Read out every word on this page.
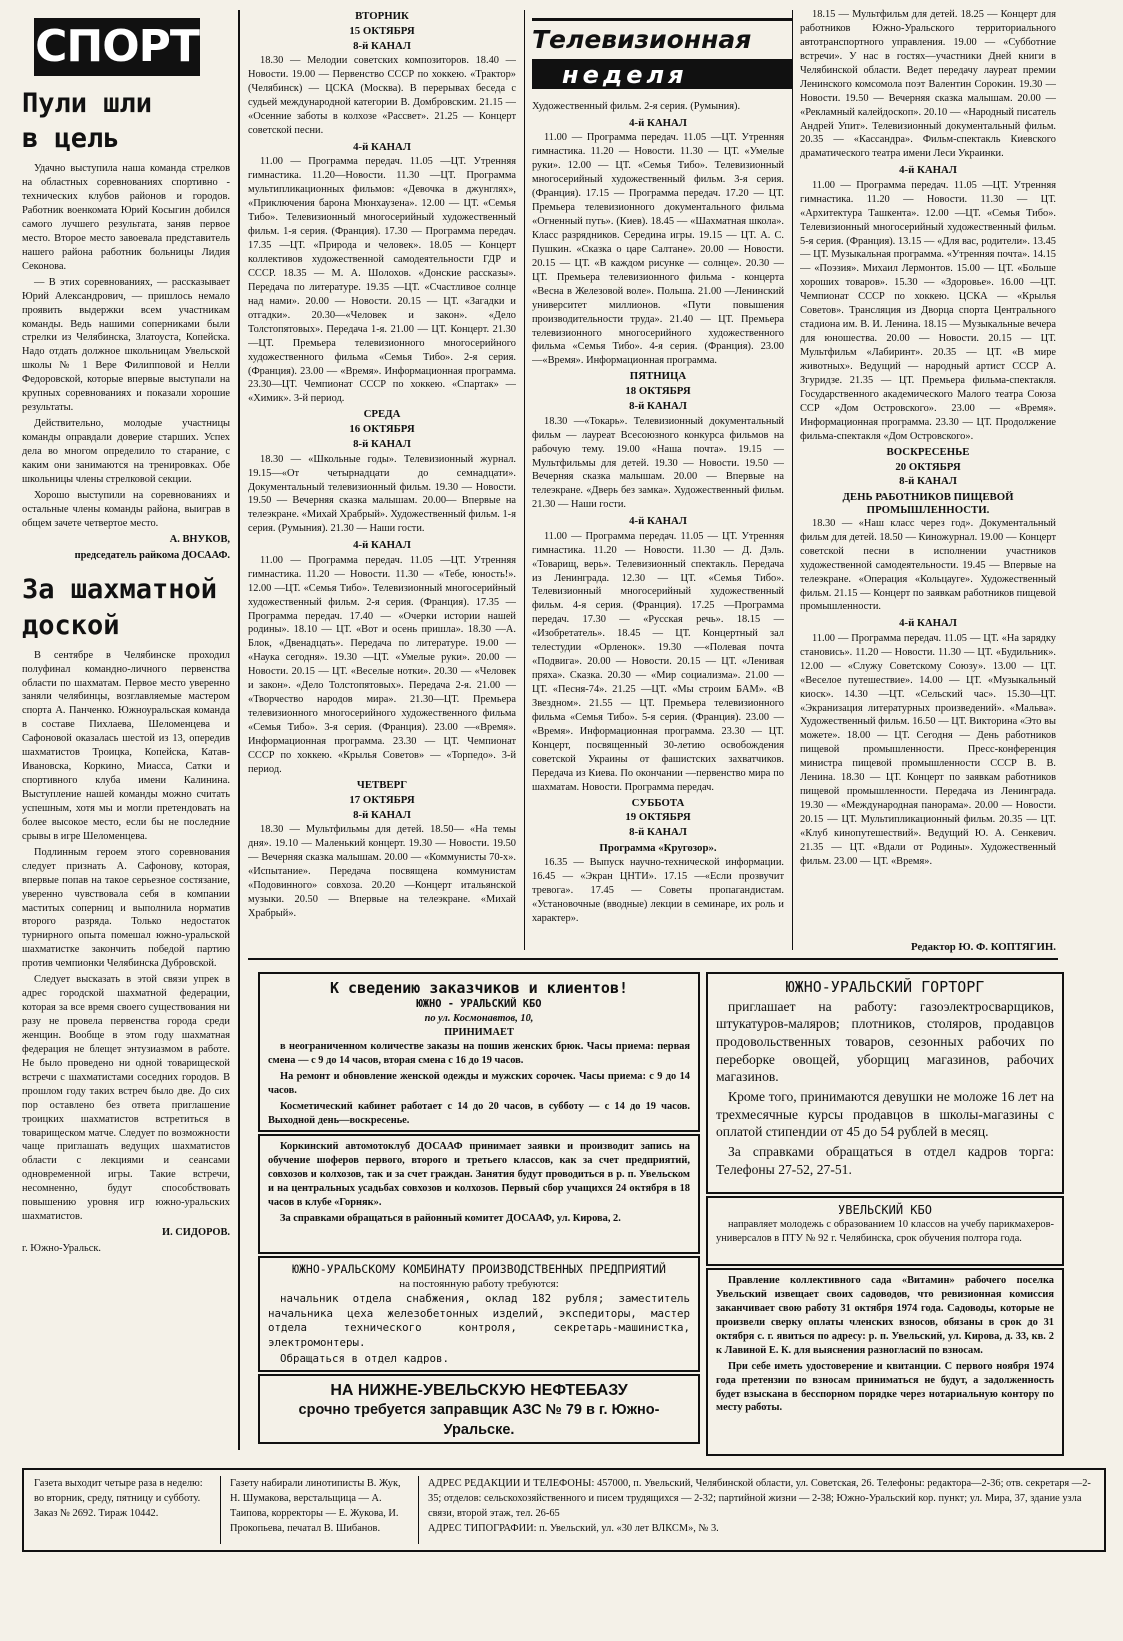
СПОРТ
Пули шли
в цель

Удачно выступила наша команда стрелков на областных соревнованиях спортивно - технических клубов районов и городов. Работник военкомата Юрий Косыгин добился самого лучшего результата, заняв первое место. Второе место завоевала представитель нашего района работник больницы Лидия Секонова.

— В этих соревнованиях, — рассказывает Юрий Александрович, — пришлось немало проявить выдержки всем участникам команды. Ведь нашими соперниками были стрелки из Челябинска, Златоуста, Копейска. Надо отдать должное школьницам Увельской школы № 1 Вере Филипповой и Нелли Федоровской, которые впервые выступали на крупных соревнованиях и показали хорошие результаты.

Действительно, молодые участницы команды оправдали доверие старших. Успех дела во многом определило то старание, с каким они занимаются на тренировках. Обе школьницы члены стрелковой секции.

Хорошо выступили на соревнованиях и остальные члены команды района, выиграв в общем зачете четвертое место.

А. ВНУКОВ,

председатель райкома ДОСААФ.

За шахматной
доской

В сентябре в Челябинске проходил полуфинал командно-личного первенства области по шахматам. Первое место уверенно заняли челябинцы, возглавляемые мастером спорта А. Панченко. Южноуральская команда в составе Пихлаева, Шеломенцева и Сафоновой оказалась шестой из 13, опередив шахматистов Троицка, Копейска, Катав-Ивановска, Коркино, Миасса, Сатки и спортивного клуба имени Калинина. Выступление нашей команды можно считать успешным, хотя мы и могли претендовать на более высокое место, если бы не последние срывы в игре Шеломенцева.

Подлинным героем этого соревнования следует признать А. Сафонову, которая, впервые попав на такое серьезное состязание, уверенно чувствовала себя в компании маститых соперниц и выполнила норматив второго разряда. Только недостаток турнирного опыта помешал южно-уральской шахматистке закончить победой партию против чемпионки Челябинска Дубровской.

Следует высказать в этой связи упрек в адрес городской шахматной федерации, которая за все время своего существования ни разу не провела первенства города среди женщин. Вообще в этом году шахматная федерация не блещет энтузиазмом в работе. Не было проведено ни одной товарищеской встречи с шахматистами соседних городов. В прошлом году таких встреч было две. До сих пор оставлено без ответа приглашение троицких шахматистов встретиться в товарищеском матче. Следует по возможности чаще приглашать ведущих шахматистов области с лекциями и сеансами одновременной игры. Такие встречи, несомненно, будут способствовать повышению уровня игр южно-уральских шахматистов.

И. СИДОРОВ.

г. Южно-Уральск.

ВТОРНИК
15 ОКТЯБРЯ
8-й КАНАЛ

18.30 — Мелодии советских композиторов. 18.40 — Новости. 19.00 — Первенство СССР по хоккею. «Трактор» (Челябинск) — ЦСКА (Москва). В перерывах беседа с судьей международной категории В. Домбровским. 21.15 — «Осенние заботы в колхозе «Рассвет». 21.25 — Концерт советской песни.

4-й КАНАЛ

11.00 — Программа передач. 11.05 —ЦТ. Утренняя гимнастика. 11.20—Новости. 11.30 —ЦТ. Программа мультипликационных фильмов: «Девочка в джунглях», «Приключения барона Мюнхаузена». 12.00 — ЦТ. «Семья Тибо». Телевизионный многосерийный художественный фильм. 1-я серия. (Франция). 17.30 — Программа передач. 17.35 —ЦТ. «Природа и человек». 18.05 — Концерт коллективов художественной самодеятельности ГДР и СССР. 18.35 — М. А. Шолохов. «Донские рассказы». Передача по литературе. 19.35 —ЦТ. «Счастливое солнце над нами». 20.00 — Новости. 20.15 — ЦТ. «Загадки и отгадки». 20.30—«Человек и закон». «Дело Толстопятовых». Передача 1-я. 21.00 — ЦТ. Концерт. 21.30 —ЦТ. Премьера телевизионного многосерийного художественного фильма «Семья Тибо». 2-я серия. (Франция). 23.00 — «Время». Информационная программа. 23.30—ЦТ. Чемпионат СССР по хоккею. «Спартак» — «Химик». 3-й период.

СРЕДА
16 ОКТЯБРЯ
8-й КАНАЛ

18.30 — «Школьные годы». Телевизионный журнал. 19.15—«От четырнадцати до семнадцати». Документальный телевизионный фильм. 19.30 — Новости. 19.50 — Вечерняя сказка малышам. 20.00— Впервые на телеэкране. «Михай Храбрый». Художественный фильм. 1-я серия. (Румыния). 21.30 — Наши гости.

4-й КАНАЛ

11.00 — Программа передач. 11.05 —ЦТ. Утренняя гимнастика. 11.20 — Новости. 11.30 — «Тебе, юность!». 12.00 —ЦТ. «Семья Тибо». Телевизионный многосерийный художественный фильм. 2-я серия. (Франция). 17.35 — Программа передач. 17.40 — «Очерки истории нашей родины». 18.10 — ЦТ. «Вот и осень пришла». 18.30 —А. Блок, «Двенадцать». Передача по литературе. 19.00 — «Наука сегодня». 19.30 —ЦТ. «Умелые руки». 20.00 — Новости. 20.15 — ЦТ. «Веселые нотки». 20.30 — «Человек и закон». «Дело Толстопятовых». Передача 2-я. 21.00 — «Творчество народов мира». 21.30—ЦТ. Премьера телевизионного многосерийного художественного фильма «Семья Тибо». 3-я серия. (Франция). 23.00 —«Время». Информационная программа. 23.30 — ЦТ. Чемпионат СССР по хоккею. «Крылья Советов» — «Торпедо». 3-й период.

ЧЕТВЕРГ
17 ОКТЯБРЯ
8-й КАНАЛ

18.30 — Мультфильмы для детей. 18.50— «На темы дня». 19.10 — Маленький концерт. 19.30 — Новости. 19.50 — Вечерняя сказка малышам. 20.00 — «Коммунисты 70-х». «Испытание». Передача посвящена коммунистам «Подовинного» совхоза. 20.20 —Концерт итальянской музыки. 20.50 — Впервые на телеэкране. «Михай Храбрый».

Телевизионная
неделя

Художественный фильм. 2-я серия. (Румыния).

4-й КАНАЛ

11.00 — Программа передач. 11.05 —ЦТ. Утренняя гимнастика. 11.20 — Новости. 11.30 — ЦТ. «Умелые руки». 12.00 — ЦТ. «Семья Тибо». Телевизионный многосерийный художественный фильм. 3-я серия. (Франция). 17.15 — Программа передач. 17.20 — ЦТ. Премьера телевизионного документального фильма «Огненный путь». (Киев). 18.45 — «Шахматная школа». Класс разрядников. Середина игры. 19.15 — ЦТ. А. С. Пушкин. «Сказка о царе Салтане». 20.00 — Новости. 20.15 — ЦТ. «В каждом рисунке — солнце». 20.30 — ЦТ. Премьера телевизионного фильма - концерта «Весна в Железовой воле». Польша. 21.00 —Ленинский университет миллионов. «Пути повышения производительности труда». 21.40 — ЦТ. Премьера телевизионного многосерийного художественного фильма «Семья Тибо». 4-я серия. (Франция). 23.00 —«Время». Информационная программа.

ПЯТНИЦА
18 ОКТЯБРЯ
8-й КАНАЛ

18.30 —«Токарь». Телевизионный документальный фильм — лауреат Всесоюзного конкурса фильмов на рабочую тему. 19.00 «Наша почта». 19.15 —Мультфильмы для детей. 19.30 — Новости. 19.50 — Вечерняя сказка малышам. 20.00 — Впервые на телеэкране. «Дверь без замка». Художественный фильм. 21.30 — Наши гости.

4-й КАНАЛ

11.00 — Программа передач. 11.05 — ЦТ. Утренняя гимнастика. 11.20 — Новости. 11.30 — Д. Дэль. «Товарищ, верь». Телевизионный спектакль. Передача из Ленинграда. 12.30 — ЦТ. «Семья Тибо». Телевизионный многосерийный художественный фильм. 4-я серия. (Франция). 17.25 —Программа передач. 17.30 — «Русская речь». 18.15 — «Изобретатель». 18.45 — ЦТ. Концертный зал телестудии «Орленок». 19.30 —«Полевая почта «Подвига». 20.00 — Новости. 20.15 — ЦТ. «Ленивая пряха». Сказка. 20.30 — «Мир социализма». 21.00 — ЦТ. «Песня-74». 21.25 —ЦТ. «Мы строим БАМ». «В Звездном». 21.55 — ЦТ. Премьера телевизионного фильма «Семья Тибо». 5-я серия. (Франция). 23.00 — «Время». Информационная программа. 23.30 — ЦТ. Концерт, посвященный 30-летию освобождения советской Украины от фашистских захватчиков. Передача из Киева. По окончании —первенство мира по шахматам. Новости. Программа передач.

СУББОТА
19 ОКТЯБРЯ
8-й КАНАЛ
Программа «Кругозор».

16.35 — Выпуск научно-технической информации. 16.45 — «Экран ЦНТИ». 17.15 —«Если прозвучит тревога». 17.45 — Советы пропагандистам. «Установочные (вводные) лекции в семинаре, их роль и характер».

18.15 — Мультфильм для детей. 18.25 — Концерт для работников Южно-Уральского территориального автотранспортного управления. 19.00 — «Субботние встречи». У нас в гостях—участники Дней книги в Челябинской области. Ведет передачу лауреат премии Ленинского комсомола поэт Валентин Сорокин. 19.30 — Новости. 19.50 — Вечерняя сказка малышам. 20.00 — «Рекламный калейдоскоп». 20.10 — «Народный писатель Андрей Упит». Телевизионный документальный фильм. 20.35 — «Кассандра». Фильм-спектакль Киевского драматического театра имени Леси Украинки.

4-й КАНАЛ

11.00 — Программа передач. 11.05 —ЦТ. Утренняя гимнастика. 11.20 — Новости. 11.30 — ЦТ. «Архитектура Ташкента». 12.00 —ЦТ. «Семья Тибо». Телевизионный многосерийный художественный фильм. 5-я серия. (Франция). 13.15 — «Для вас, родители». 13.45 — ЦТ. Музыкальная программа. «Утренняя почта». 14.15 — «Поэзия». Михаил Лермонтов. 15.00 — ЦТ. «Больше хороших товаров». 15.30 — «Здоровье». 16.00 —ЦТ. Чемпионат СССР по хоккею. ЦСКА — «Крылья Советов». Трансляция из Дворца спорта Центрального стадиона им. В. И. Ленина. 18.15 — Музыкальные вечера для юношества. 20.00 — Новости. 20.15 — ЦТ. Мультфильм «Лабиринт». 20.35 — ЦТ. «В мире животных». Ведущий — народный артист СССР А. Згуридзе. 21.35 — ЦТ. Премьера фильма-спектакля. Государственного академического Малого театра Союза ССР «Дом Островского». 23.00 — «Время». Информационная программа. 23.30 — ЦТ. Продолжение фильма-спектакля «Дом Островского».

ВОСКРЕСЕНЬЕ
20 ОКТЯБРЯ
8-й КАНАЛ
ДЕНЬ РАБОТНИКОВ ПИЩЕВОЙ ПРОМЫШЛЕННОСТИ.

18.30 — «Наш класс через год». Документальный фильм для детей. 18.50 — Киножурнал. 19.00 — Концерт советской песни в исполнении участников художественной самодеятельности. 19.45 — Впервые на телеэкране. «Операция «Кольцауге». Художественный фильм. 21.15 — Концерт по заявкам работников пищевой промышленности.

4-й КАНАЛ

11.00 — Программа передач. 11.05 — ЦТ. «На зарядку становись». 11.20 — Новости. 11.30 — ЦТ. «Будильник». 12.00 — «Служу Советскому Союзу». 13.00 — ЦТ. «Веселое путешествие». 14.00 — ЦТ. «Музыкальный киоск». 14.30 —ЦТ. «Сельский час». 15.30—ЦТ. «Экранизация литературных произведений». «Мальва». Художественный фильм. 16.50 — ЦТ. Викторина «Это вы можете». 18.00 — ЦТ. Сегодня — День работников пищевой промышленности. Пресс-конференция министра пищевой промышленности СССР В. В. Ленина. 18.30 — ЦТ. Концерт по заявкам работников пищевой промышленности. Передача из Ленинграда. 19.30 — «Международная панорама». 20.00 — Новости. 20.15 — ЦТ. Мультипликационный фильм. 20.35 — ЦТ. «Клуб кинопутешествий». Ведущий Ю. А. Сенкевич. 21.35 — ЦТ. «Вдали от Родины». Художественный фильм. 23.00 — ЦТ. «Время».

Редактор Ю. Ф. КОПТЯГИН.
К сведению заказчиков и клиентов!
ЮЖНО - УРАЛЬСКИЙ КБО
по ул. Космонавтов, 10,
ПРИНИМАЕТ

в неограниченном количестве заказы на пошив женских брюк. Часы приема: первая смена — с 9 до 14 часов, вторая смена с 16 до 19 часов.

На ремонт и обновление женской одежды и мужских сорочек. Часы приема: с 9 до 14 часов.

Косметический кабинет работает с 14 до 20 часов, в субботу — с 14 до 19 часов. Выходной день—воскресенье.

Коркинский автомотоклуб ДОСААФ принимает заявки и производит запись на обучение шоферов первого, второго и третьего классов, как за счет предприятий, совхозов и колхозов, так и за счет граждан. Занятия будут проводиться в р. п. Увельском и на центральных усадьбах совхозов и колхозов. Первый сбор учащихся 24 октября в 18 часов в клубе «Горняк».

За справками обращаться в районный комитет ДОСААФ, ул. Кирова, 2.

ЮЖНО-УРАЛЬСКОМУ КОМБИНАТУ ПРОИЗВОДСТВЕННЫХ ПРЕДПРИЯТИЙ
на постоянную работу требуются:

начальник отдела снабжения, оклад 182 рубля; заместитель начальника цеха железобетонных изделий, экспедиторы, мастер отдела технического контроля, секретарь-машинистка, электромонтеры.

Обращаться в отдел кадров.

НА НИЖНЕ-УВЕЛЬСКУЮ НЕФТЕБАЗУ
срочно требуется заправщик АЗС № 79 в г. Южно-Уральске.
ЮЖНО-УРАЛЬСКИЙ ГОРТОРГ

приглашает на работу: газоэлектросварщиков, штукатуров-маляров; плотников, столяров, продавцов продовольственных товаров, сезонных рабочих по переборке овощей, уборщиц магазинов, рабочих магазинов.

Кроме того, принимаются девушки не моложе 16 лет на трехмесячные курсы продавцов в школы-магазины с оплатой стипендии от 45 до 54 рублей в месяц.

За справками обращаться в отдел кадров торга: Телефоны 27-52, 27-51.

УВЕЛЬСКИЙ КБО

направляет молодежь с образованием 10 классов на учебу парикмахеров-универсалов в ПТУ № 92 г. Челябинска, срок обучения полтора года.

Правление коллективного сада «Витамин» рабочего поселка Увельский извещает своих садоводов, что ревизионная комиссия заканчивает свою работу 31 октября 1974 года. Садоводы, которые не произвели сверку оплаты членских взносов, обязаны в срок до 31 октября с. г. явиться по адресу: р. п. Увельский, ул. Кирова, д. 33, кв. 2 к Лавиной Е. К. для выяснения разногласий по взносам.

При себе иметь удостоверение и квитанции. С первого ноября 1974 года претензии по взносам приниматься не будут, а задолженность будет взыскана в бесспорном порядке через нотариальную контору по месту работы.

Газета выходит четыре раза в неделю: во вторник, среду, пятницу и субботу.
Заказ № 2692. Тираж 10442.
Газету набирали линотиписты В. Жук, Н. Шумакова, верстальщица — А. Таипова, корректоры — Е. Жукова, И. Прокопьева, печатал В. Шибанов.
АДРЕС РЕДАКЦИИ И ТЕЛЕФОНЫ: 457000, п. Увельский, Челябинской области, ул. Советская, 26. Телефоны: редактора—2-36; отв. секретаря —2-35; отделов: сельскохозяйственного и писем трудящихся — 2-32; партийной жизни — 2-38; Южно-Уральский кор. пункт; ул. Мира, 37, здание узла связи, второй этаж, тел. 26-65
АДРЕС ТИПОГРАФИИ: п. Увельский, ул. «30 лет ВЛКСМ», № 3.
